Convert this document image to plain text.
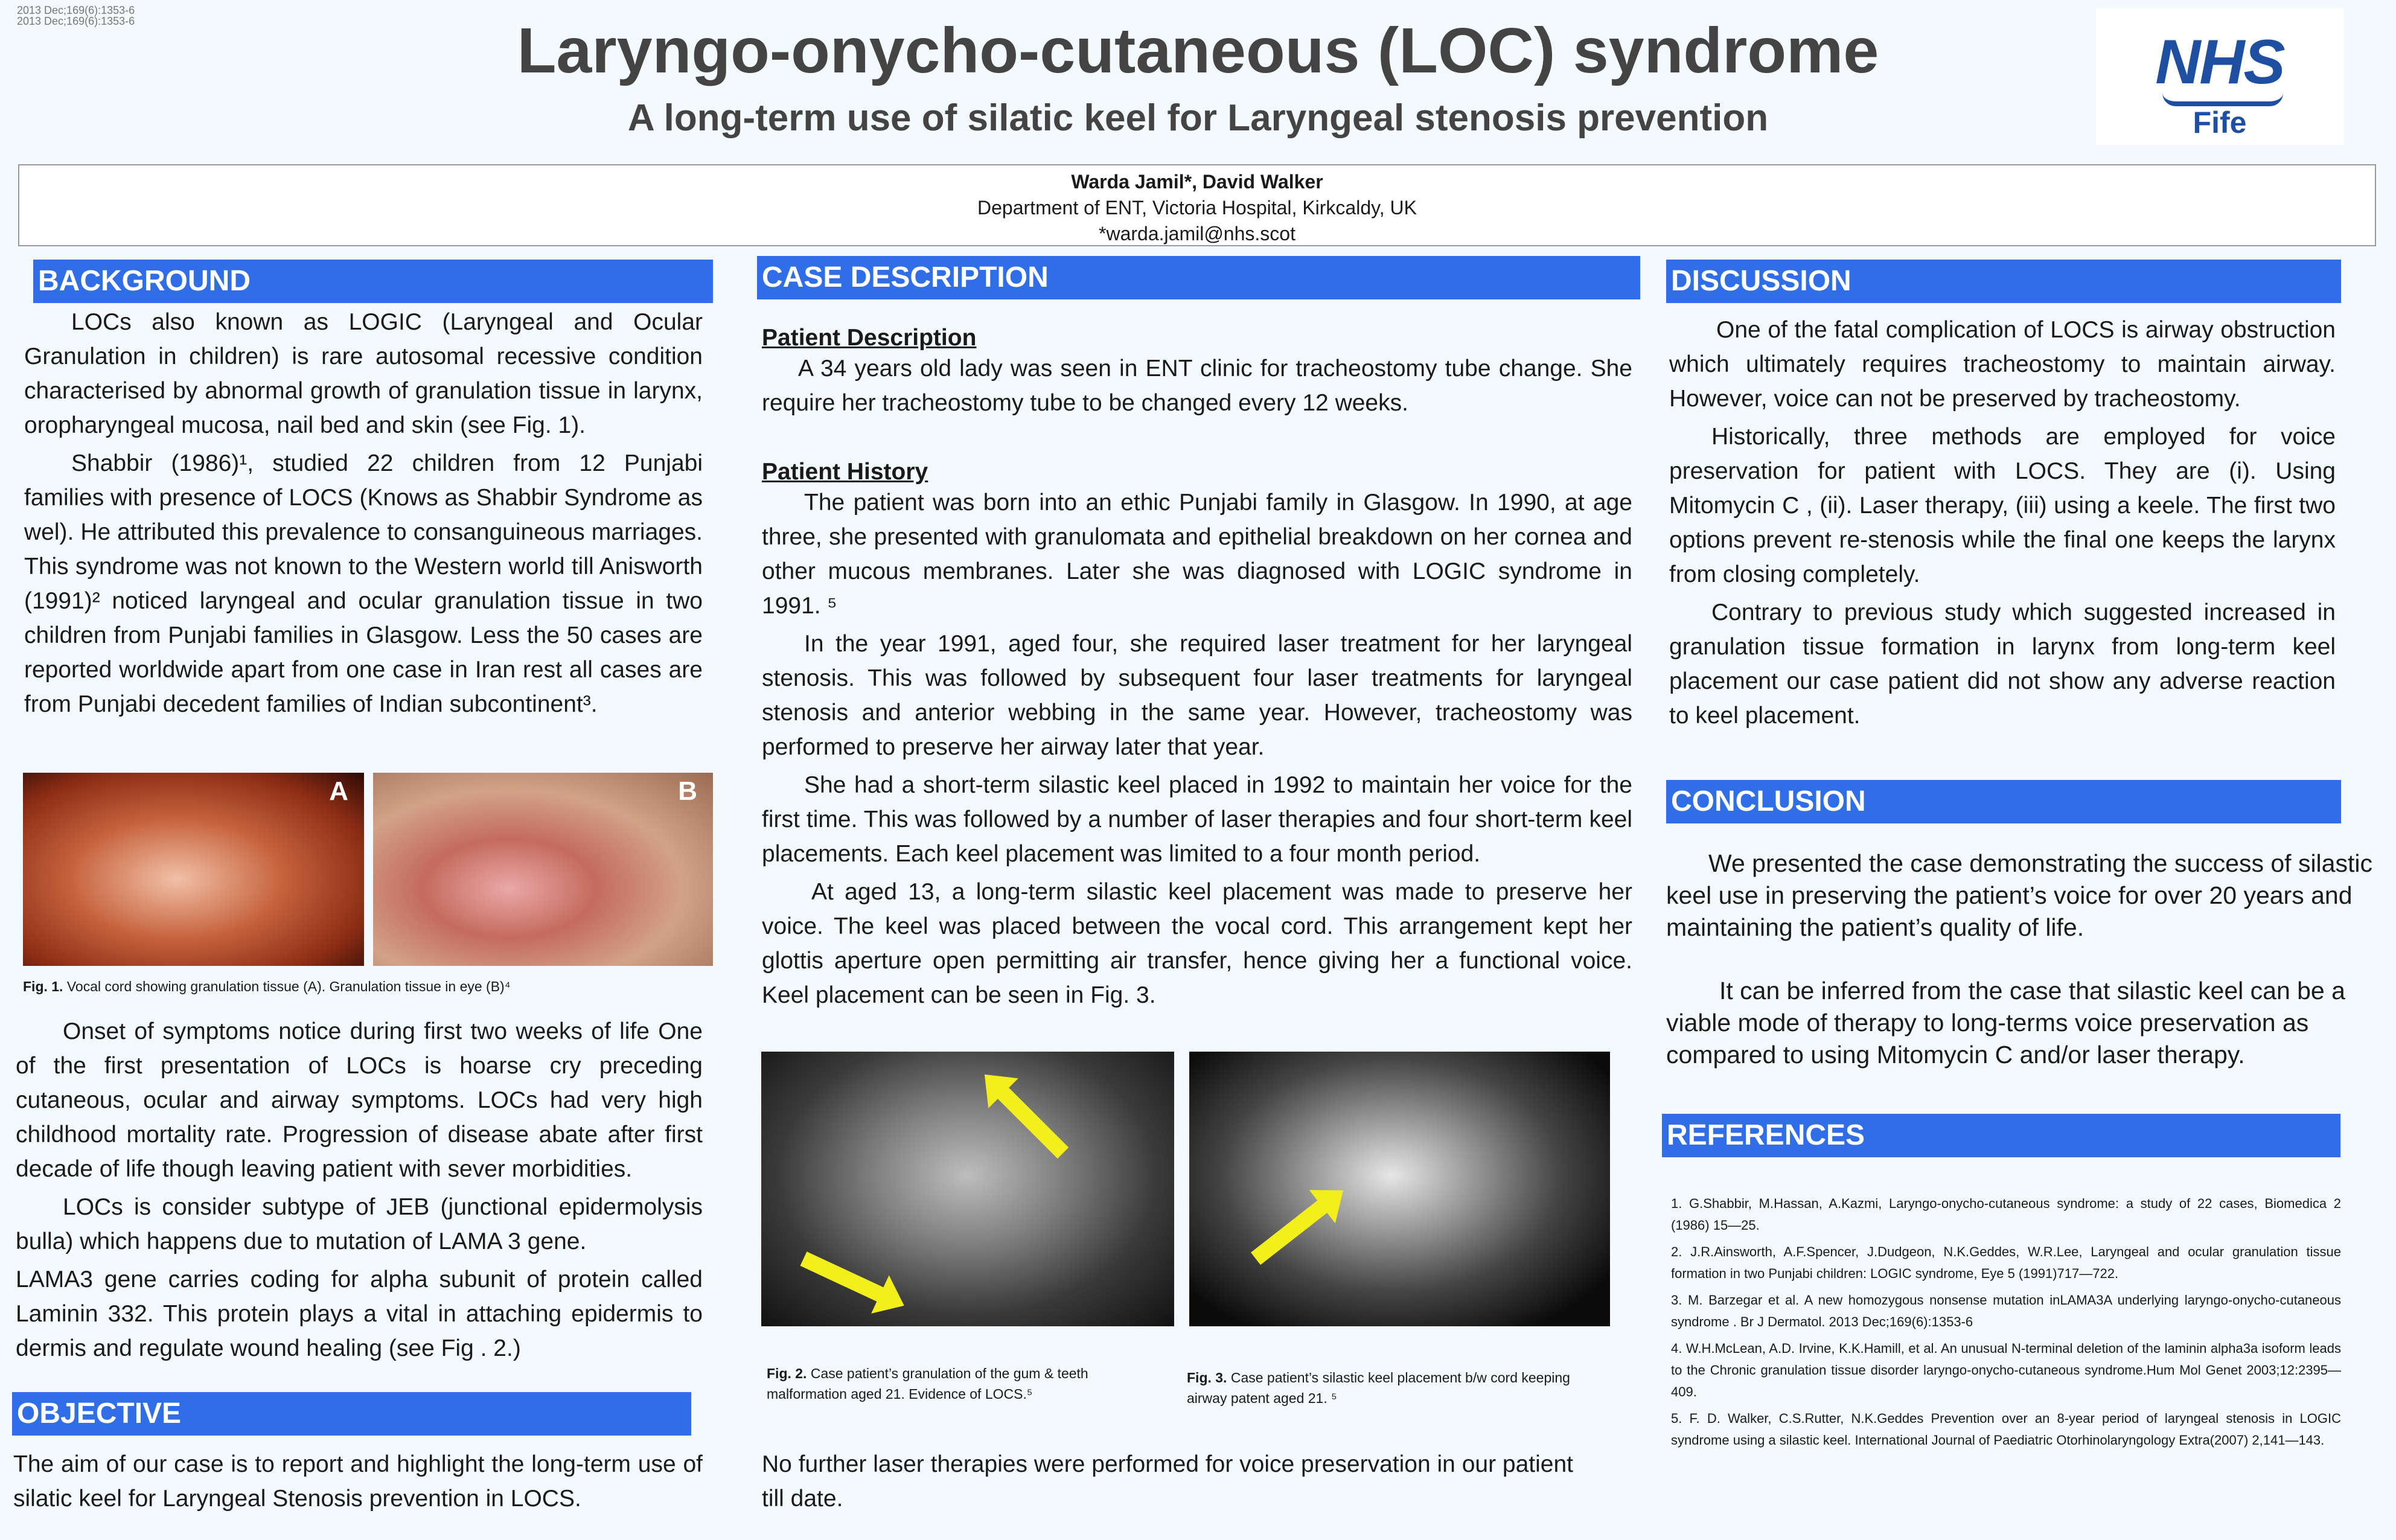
2013 Dec;169(6):1353-6
2013 Dec;169(6):1353-6	Laryngo-onycho-cutaneous (LOC) syndrome
A long-term use of silatic keel for Laryngeal stenosis prevention
NHS
Fife
Warda Jamil*, David Walker
Department of ENT, Victoria Hospital, Kirkcaldy, UK
*warda.jamil@nhs.scot
BACKGROUND

LOCs also known as LOGIC (Laryngeal and Ocular Granulation in children) is rare autosomal recessive condition characterised by abnormal growth of granulation tissue in larynx, oropharyngeal mucosa, nail bed and skin (see Fig. 1).

Shabbir (1986)¹, studied 22 children from 12 Punjabi families with presence of LOCS (Knows as Shabbir Syndrome as wel). He attributed this prevalence to consanguineous marriages. This syndrome was not known to the Western world till Anisworth (1991)² noticed laryngeal and ocular granulation tissue in two children from Punjabi families in Glasgow. Less the 50 cases are reported worldwide apart from one case in Iran rest all cases are from Punjabi decedent families of Indian subcontinent³.

A	B
Fig. 1. Vocal cord showing granulation tissue (A). Granulation tissue in eye (B)⁴

Onset of symptoms notice during first two weeks of life One of the first presentation of LOCs is hoarse cry preceding cutaneous, ocular and airway symptoms. LOCs had very high childhood mortality rate. Progression of disease abate after first decade of life though leaving patient with sever morbidities.

LOCs is consider subtype of JEB (junctional epidermolysis bulla) which happens due to mutation of LAMA 3 gene.

LAMA3 gene carries coding for alpha subunit of protein called Laminin 332. This protein plays a vital in attaching epidermis to dermis and regulate wound healing (see Fig . 2.)

OBJECTIVE

The aim of our case is to report and highlight the long-term use of silatic keel for Laryngeal Stenosis prevention in LOCS.

CASE DESCRIPTION
Patient Description

A 34 years old lady was seen in ENT clinic for tracheostomy tube change. She require her tracheostomy tube to be changed every 12 weeks.

Patient History

The patient was born into an ethic Punjabi family in Glasgow. In 1990, at age three, she presented with granulomata and epithelial breakdown on her cornea and other mucous membranes. Later she was diagnosed with LOGIC syndrome in 1991. ⁵

In the year 1991, aged four, she required laser treatment for her laryngeal stenosis. This was followed by subsequent four laser treatments for laryngeal stenosis and anterior webbing in the same year. However, tracheostomy was performed to preserve her airway later that year.

She had a short-term silastic keel placed in 1992 to maintain her voice for the first time. This was followed by a number of laser therapies and four short-term keel placements. Each keel placement was limited to a four month period.

At aged 13, a long-term silastic keel placement was made to preserve her voice. The keel was placed between the vocal cord. This arrangement kept her glottis aperture open permitting air transfer, hence giving her a functional voice. Keel placement can be seen in Fig. 3.

Fig. 2. Case patient’s granulation of the gum & teeth malformation aged 21. Evidence of LOCS.⁵
Fig. 3. Case patient’s silastic keel placement b/w cord keeping airway patent aged 21. ⁵

No further laser therapies were performed for voice preservation in our patient till date.

DISCUSSION

One of the fatal complication of LOCS is airway obstruction which ultimately requires tracheostomy to maintain airway. However, voice can not be preserved by tracheostomy.

Historically, three methods are employed for voice preservation for patient with LOCS. They are (i). Using Mitomycin C , (ii). Laser therapy, (iii) using a keele. The first two options prevent re-stenosis while the final one keeps the larynx from closing completely.

Contrary to previous study which suggested increased in granulation tissue formation in larynx from long-term keel placement our case patient did not show any adverse reaction to keel placement.

CONCLUSION

We presented the case demonstrating the success of silastic keel use in preserving the patient’s voice for over 20 years and maintaining the patient’s quality of life.

It can be inferred from the case that silastic keel can be a viable mode of therapy to long-terms voice preservation as compared to using Mitomycin C and/or laser therapy.

REFERENCES

1. G.Shabbir, M.Hassan, A.Kazmi, Laryngo-onycho-cutaneous syndrome: a study of 22 cases, Biomedica 2 (1986) 15—25.

2. J.R.Ainsworth, A.F.Spencer, J.Dudgeon, N.K.Geddes, W.R.Lee, Laryngeal and ocular granulation tissue formation in two Punjabi children: LOGIC syndrome, Eye 5 (1991)717—722.

3. M. Barzegar et al. A new homozygous nonsense mutation inLAMA3A underlying laryngo-onycho-cutaneous syndrome . Br J Dermatol. 2013 Dec;169(6):1353-6

4. W.H.McLean, A.D. Irvine, K.K.Hamill, et al. An unusual N-terminal deletion of the laminin alpha3a isoform leads to the Chronic granulation tissue disorder laryngo-onycho-cutaneous syndrome.Hum Mol Genet 2003;12:2395—409.

5. F. D. Walker, C.S.Rutter, N.K.Geddes Prevention over an 8-year period of laryngeal stenosis in LOGIC syndrome using a silastic keel. International Journal of Paediatric Otorhinolaryngology Extra(2007) 2,141—143.
